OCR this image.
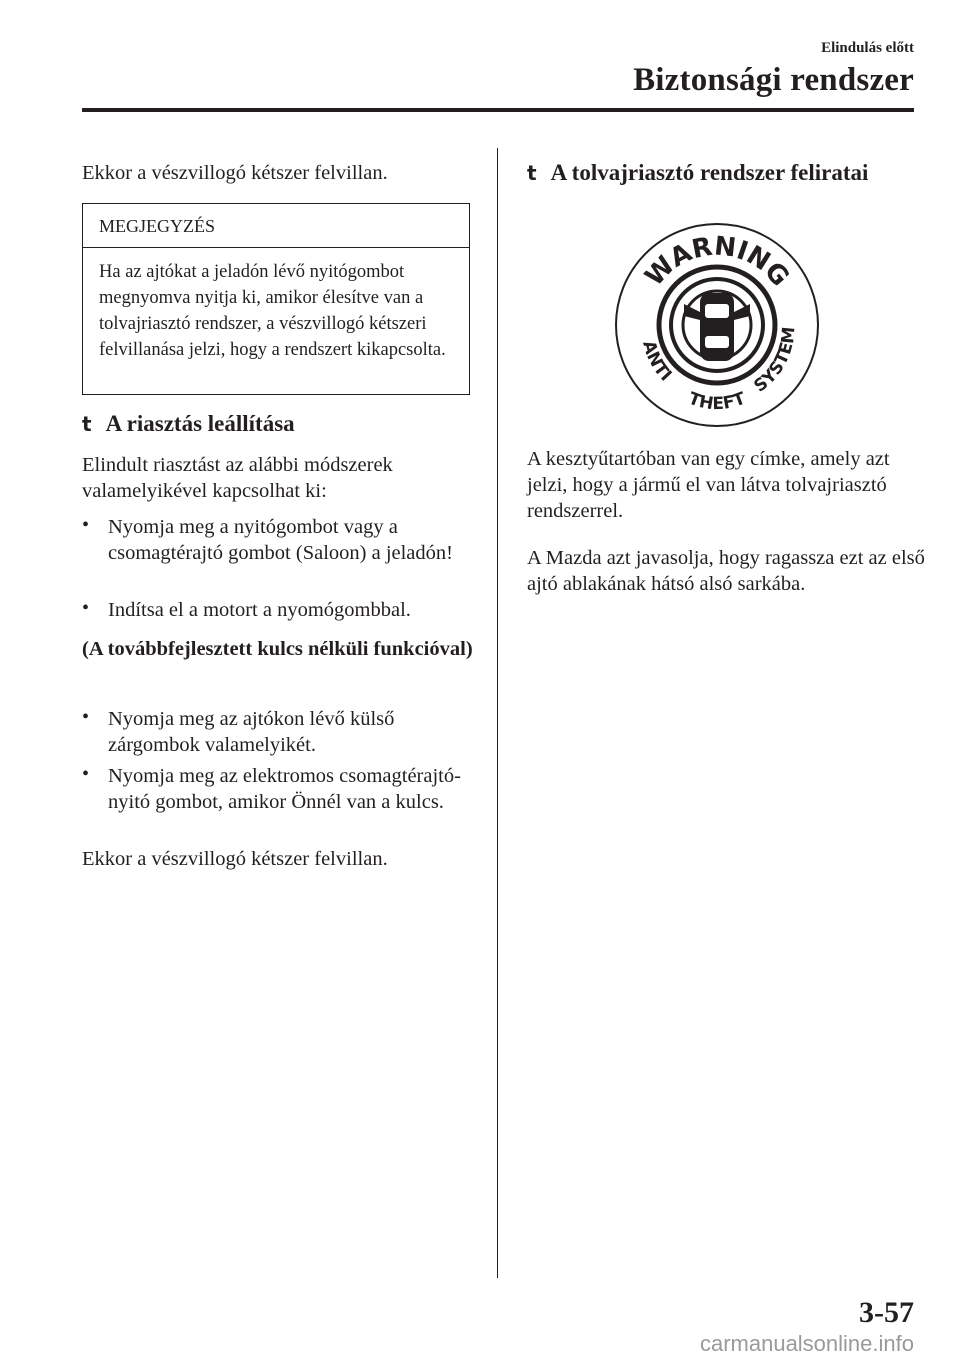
Elindulás előtt
Biztonsági rendszer
Ekkor a vészvillogó kétszer felvillan.
MEGJEGYZÉS
Ha az ajtókat a jeladón lévő nyitógombot megnyomva nyitja ki, amikor élesítve van a tolvajriasztó rendszer, a vészvillogó kétszeri felvillanása jelzi, hogy a rendszert kikapcsolta.
t A riasztás leállítása
Elindult riasztást az alábbi módszerek valamelyikével kapcsolhat ki:
• Nyomja meg a nyitógombot vagy a csomagtérajtó gombot (Saloon) a jeladón!
• Indítsa el a motort a nyomógombbal.
(A továbbfejlesztett kulcs nélküli funkcióval)
• Nyomja meg az ajtókon lévő külső zárgombok valamelyikét.
• Nyomja meg az elektromos csomagtérajtó-nyitó gombot, amikor Önnél van a kulcs.
Ekkor a vészvillogó kétszer felvillan.
t A tolvajriasztó rendszer feliratai
WARNING
ANTI
THEFT
SYSTEM
A kesztyűtartóban van egy címke, amely azt jelzi, hogy a jármű el van látva tolvajriasztó rendszerrel.
A Mazda azt javasolja, hogy ragassza ezt az első ajtó ablakának hátsó alsó sarkába.
3-57
carmanualsonline.info
